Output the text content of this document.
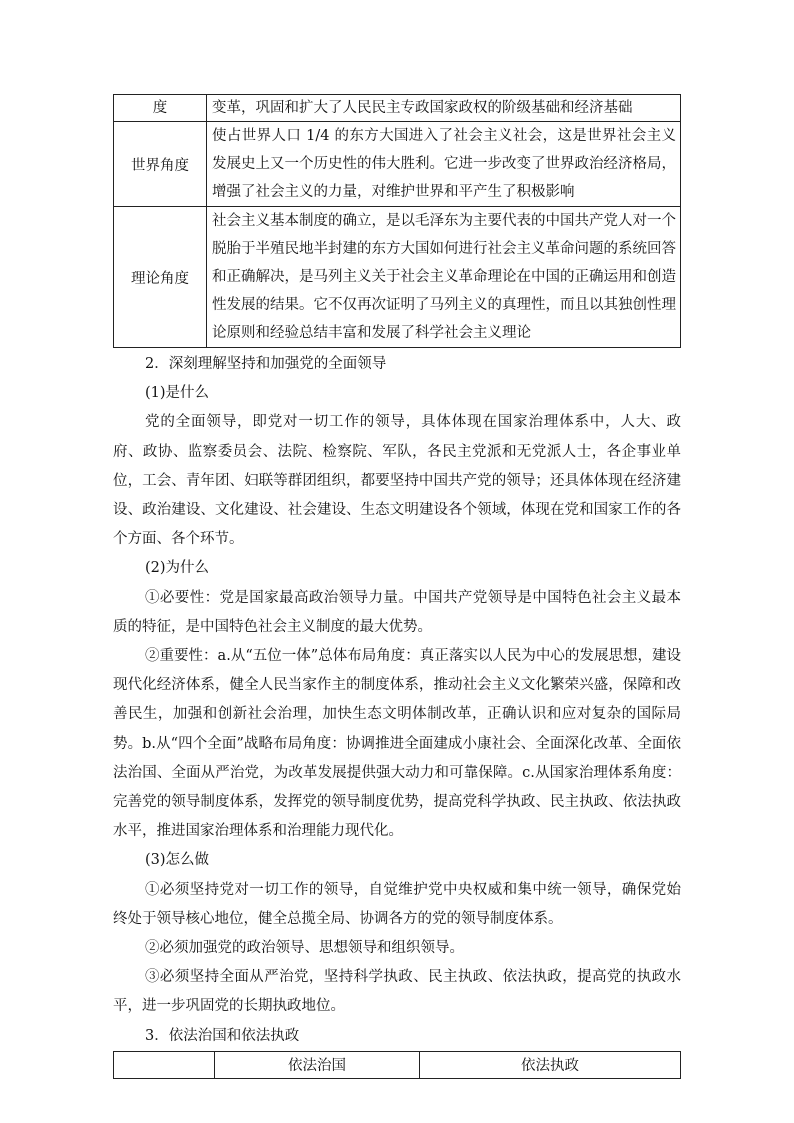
度	变革，巩固和扩大了人民民主专政国家政权的阶级基础和经济基础
世界角度	使占世界人口 1/4 的东方大国进入了社会主义社会，这是世界社会主义发展史上又一个历史性的伟大胜利。它进一步改变了世界政治经济格局，增强了社会主义的力量，对维护世界和平产生了积极影响
理论角度	社会主义基本制度的确立，是以毛泽东为主要代表的中国共产党人对一个脱胎于半殖民地半封建的东方大国如何进行社会主义革命问题的系统回答和正确解决，是马列主义关于社会主义革命理论在中国的正确运用和创造性发展的结果。它不仅再次证明了马列主义的真理性，而且以其独创性理论原则和经验总结丰富和发展了科学社会主义理论

2．深刻理解坚持和加强党的全面领导

(1)是什么

党的全面领导，即党对一切工作的领导，具体体现在国家治理体系中，人大、政府、政协、监察委员会、法院、检察院、军队，各民主党派和无党派人士，各企事业单位，工会、青年团、妇联等群团组织，都要坚持中国共产党的领导；还具体体现在经济建设、政治建设、文化建设、社会建设、生态文明建设各个领域，体现在党和国家工作的各个方面、各个环节。

(2)为什么

①必要性：党是国家最高政治领导力量。中国共产党领导是中国特色社会主义最本质的特征，是中国特色社会主义制度的最大优势。

②重要性：a.从“五位一体”总体布局角度：真正落实以人民为中心的发展思想，建设现代化经济体系，健全人民当家作主的制度体系，推动社会主义文化繁荣兴盛，保障和改善民生，加强和创新社会治理，加快生态文明体制改革，正确认识和应对复杂的国际局势。b.从“四个全面”战略布局角度：协调推进全面建成小康社会、全面深化改革、全面依法治国、全面从严治党，为改革发展提供强大动力和可靠保障。c.从国家治理体系角度：完善党的领导制度体系，发挥党的领导制度优势，提高党科学执政、民主执政、依法执政水平，推进国家治理体系和治理能力现代化。

(3)怎么做

①必须坚持党对一切工作的领导，自觉维护党中央权威和集中统一领导，确保党始终处于领导核心地位，健全总揽全局、协调各方的党的领导制度体系。

②必须加强党的政治领导、思想领导和组织领导。

③必须坚持全面从严治党，坚持科学执政、民主执政、依法执政，提高党的执政水平，进一步巩固党的长期执政地位。

3．依法治国和依法执政

	依法治国	依法执政
